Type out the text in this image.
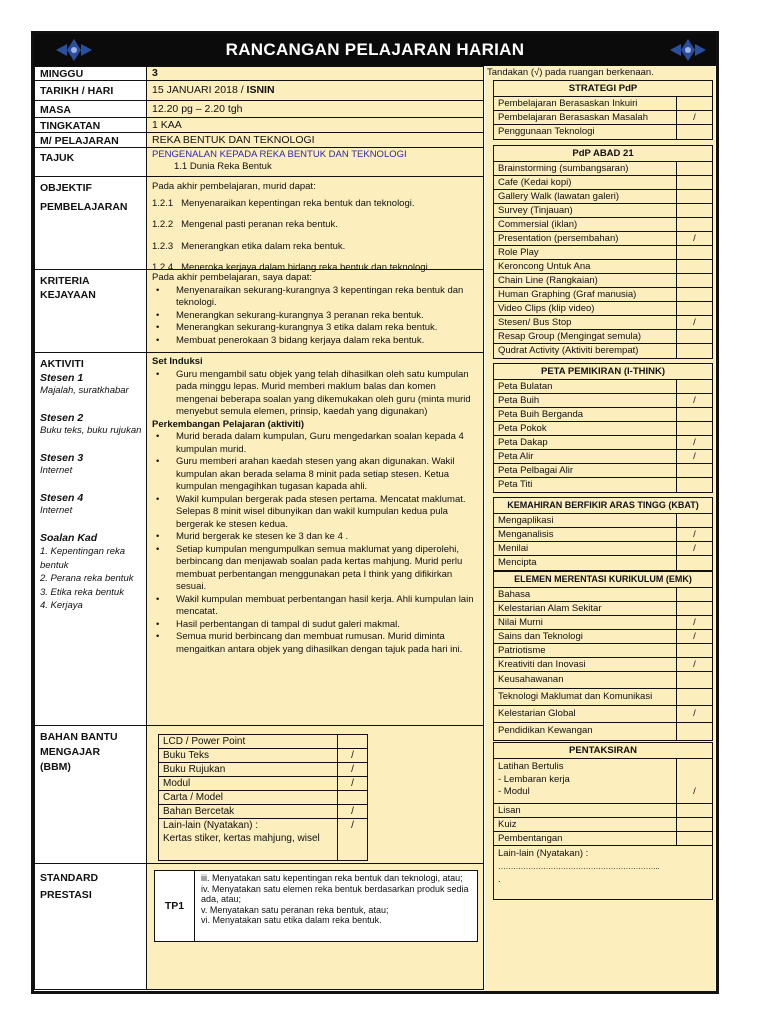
RANCANGAN PELAJARAN HARIAN
MINGGU	3
TARIKH / HARI	15 JANUARI 2018 / ISNIN
MASA	12.20 pg – 2.20 tgh
TINGKATAN	1 KAA
M/ PELAJARAN	REKA BENTUK DAN TEKNOLOGI
TAJUK	PENGENALAN KEPADA REKA BENTUK DAN TEKNOLOGI
1.1 Dunia Reka Bentuk
OBJEKTIF
PEMBELAJARAN
Pada akhir pembelajaran, murid dapat:
1.2.1 Menyenaraikan kepentingan reka bentuk dan teknologi.
1.2.2 Mengenal pasti peranan reka bentuk.
1.2.3 Menerangkan etika dalam reka bentuk.
1.2.4 Meneroka kerjaya dalam bidang reka bentuk dan teknologi.
KRITERIA
KEJAYAAN
Pada akhir pembelajaran, saya dapat:
• Menyenaraikan sekurang-kurangnya 3 kepentingan reka bentuk dan teknologi.
• Menerangkan sekurang-kurangnya 3 peranan reka bentuk.
• Menerangkan sekurang-kurangnya 3 etika dalam reka bentuk.
• Membuat penerokaan 3 bidang kerjaya dalam reka bentuk.
AKTIVITI
Stesen 1
Majalah, suratkhabar
Stesen 2
Buku teks, buku rujukan
Stesen 3
Internet
Stesen 4
Internet
Soalan Kad
1. Kepentingan reka bentuk
2. Perana reka bentuk
3. Etika reka bentuk
4. Kerjaya
Set Induksi
• Guru mengambil satu objek yang telah dihasilkan oleh satu kumpulan pada minggu lepas. Murid memberi maklum balas dan komen mengenai beberapa soalan yang dikemukakan oleh guru (minta murid menyebut semula elemen, prinsip, kaedah yang digunakan)
Perkembangan Pelajaran (aktiviti)
• Murid berada dalam kumpulan, Guru mengedarkan soalan kepada 4 kumpulan murid.
• Guru memberi arahan kaedah stesen yang akan digunakan. Wakil kumpulan akan berada selama 8 minit pada setiap stesen. Ketua kumpulan mengagihkan tugasan kapada ahli.
• Wakil kumpulan bergerak pada stesen pertama. Mencatat maklumat. Selepas 8 minit wisel dibunyikan dan wakil kumpulan kedua pula bergerak ke stesen kedua.
• Murid bergerak ke stesen ke 3 dan ke 4 .
• Setiap kumpulan mengumpulkan semua maklumat yang diperolehi, berbincang dan menjawab soalan pada kertas mahjung. Murid perlu membuat perbentangan menggunakan peta I think yang difikirkan sesuai.
• Wakil kumpulan membuat perbentangan hasil kerja. Ahli kumpulan lain mencatat.
• Hasil perbentangan di tampal di sudut galeri makmal.
• Semua murid berbincang dan membuat rumusan. Murid diminta mengaitkan antara objek yang dihasilkan dengan tajuk pada hari ini.
BAHAN BANTU
MENGAJAR
(BBM)
LCD / Power Point	
Buku Teks	/
Buku Rujukan	/
Modul	/
Carta / Model	
Bahan Bercetak	/

Lain-lain (Nyatakan) :
Kertas stiker, kertas mahjung, wisel	/
STANDARD
PRESTASI
TP1
iii. Menyatakan satu kepentingan reka bentuk dan teknologi, atau;
iv. Menyatakan satu elemen reka bentuk berdasarkan produk sedia ada, atau;
v. Menyatakan satu peranan reka bentuk, atau;
vi. Menyatakan satu etika dalam reka bentuk.
Tandakan (√) pada ruangan berkenaan.
STRATEGI PdP
Pembelajaran Berasaskan Inkuiri
Pembelajaran Berasaskan Masalah	/
Penggunaan Teknologi
PdP ABAD 21
Brainstorming (sumbangsaran)
Cafe (Kedai kopi)
Gallery Walk (lawatan galeri)
Survey (Tinjauan)
Commersial (iklan)
Presentation (persembahan)	/
Role Play
Keroncong Untuk Ana
Chain Line (Rangkaian)
Human Graphing (Graf manusia)
Video Clips (klip video)
Stesen/ Bus Stop	/
Resap Group (Mengingat semula)
Qudrat Activity (Aktiviti berempat)
PETA PEMIKIRAN (I-THINK)
Peta Bulatan
Peta Buih	/
Peta Buih Berganda
Peta Pokok
Peta Dakap	/
Peta Alir	/
Peta Pelbagai Alir
Peta Titi
KEMAHIRAN BERFIKIR ARAS TINGG (KBAT)
Mengaplikasi
Menganalisis	/
Menilai	/
Mencipta
ELEMEN MERENTASI KURIKULUM (EMK)
Bahasa
Kelestarian Alam Sekitar
Nilai Murni	/
Sains dan Teknologi	/
Patriotisme
Kreativiti dan Inovasi	/
Keusahawanan
Teknologi Maklumat dan Komunikasi
Kelestarian Global	/
Pendidikan Kewangan
PENTAKSIRAN
Latihan Bertulis
- Lembaran kerja
- Modul	/
Lisan
Kuiz
Pembentangan
Lain-lain (Nyatakan) :
………………………………………………………..
.
